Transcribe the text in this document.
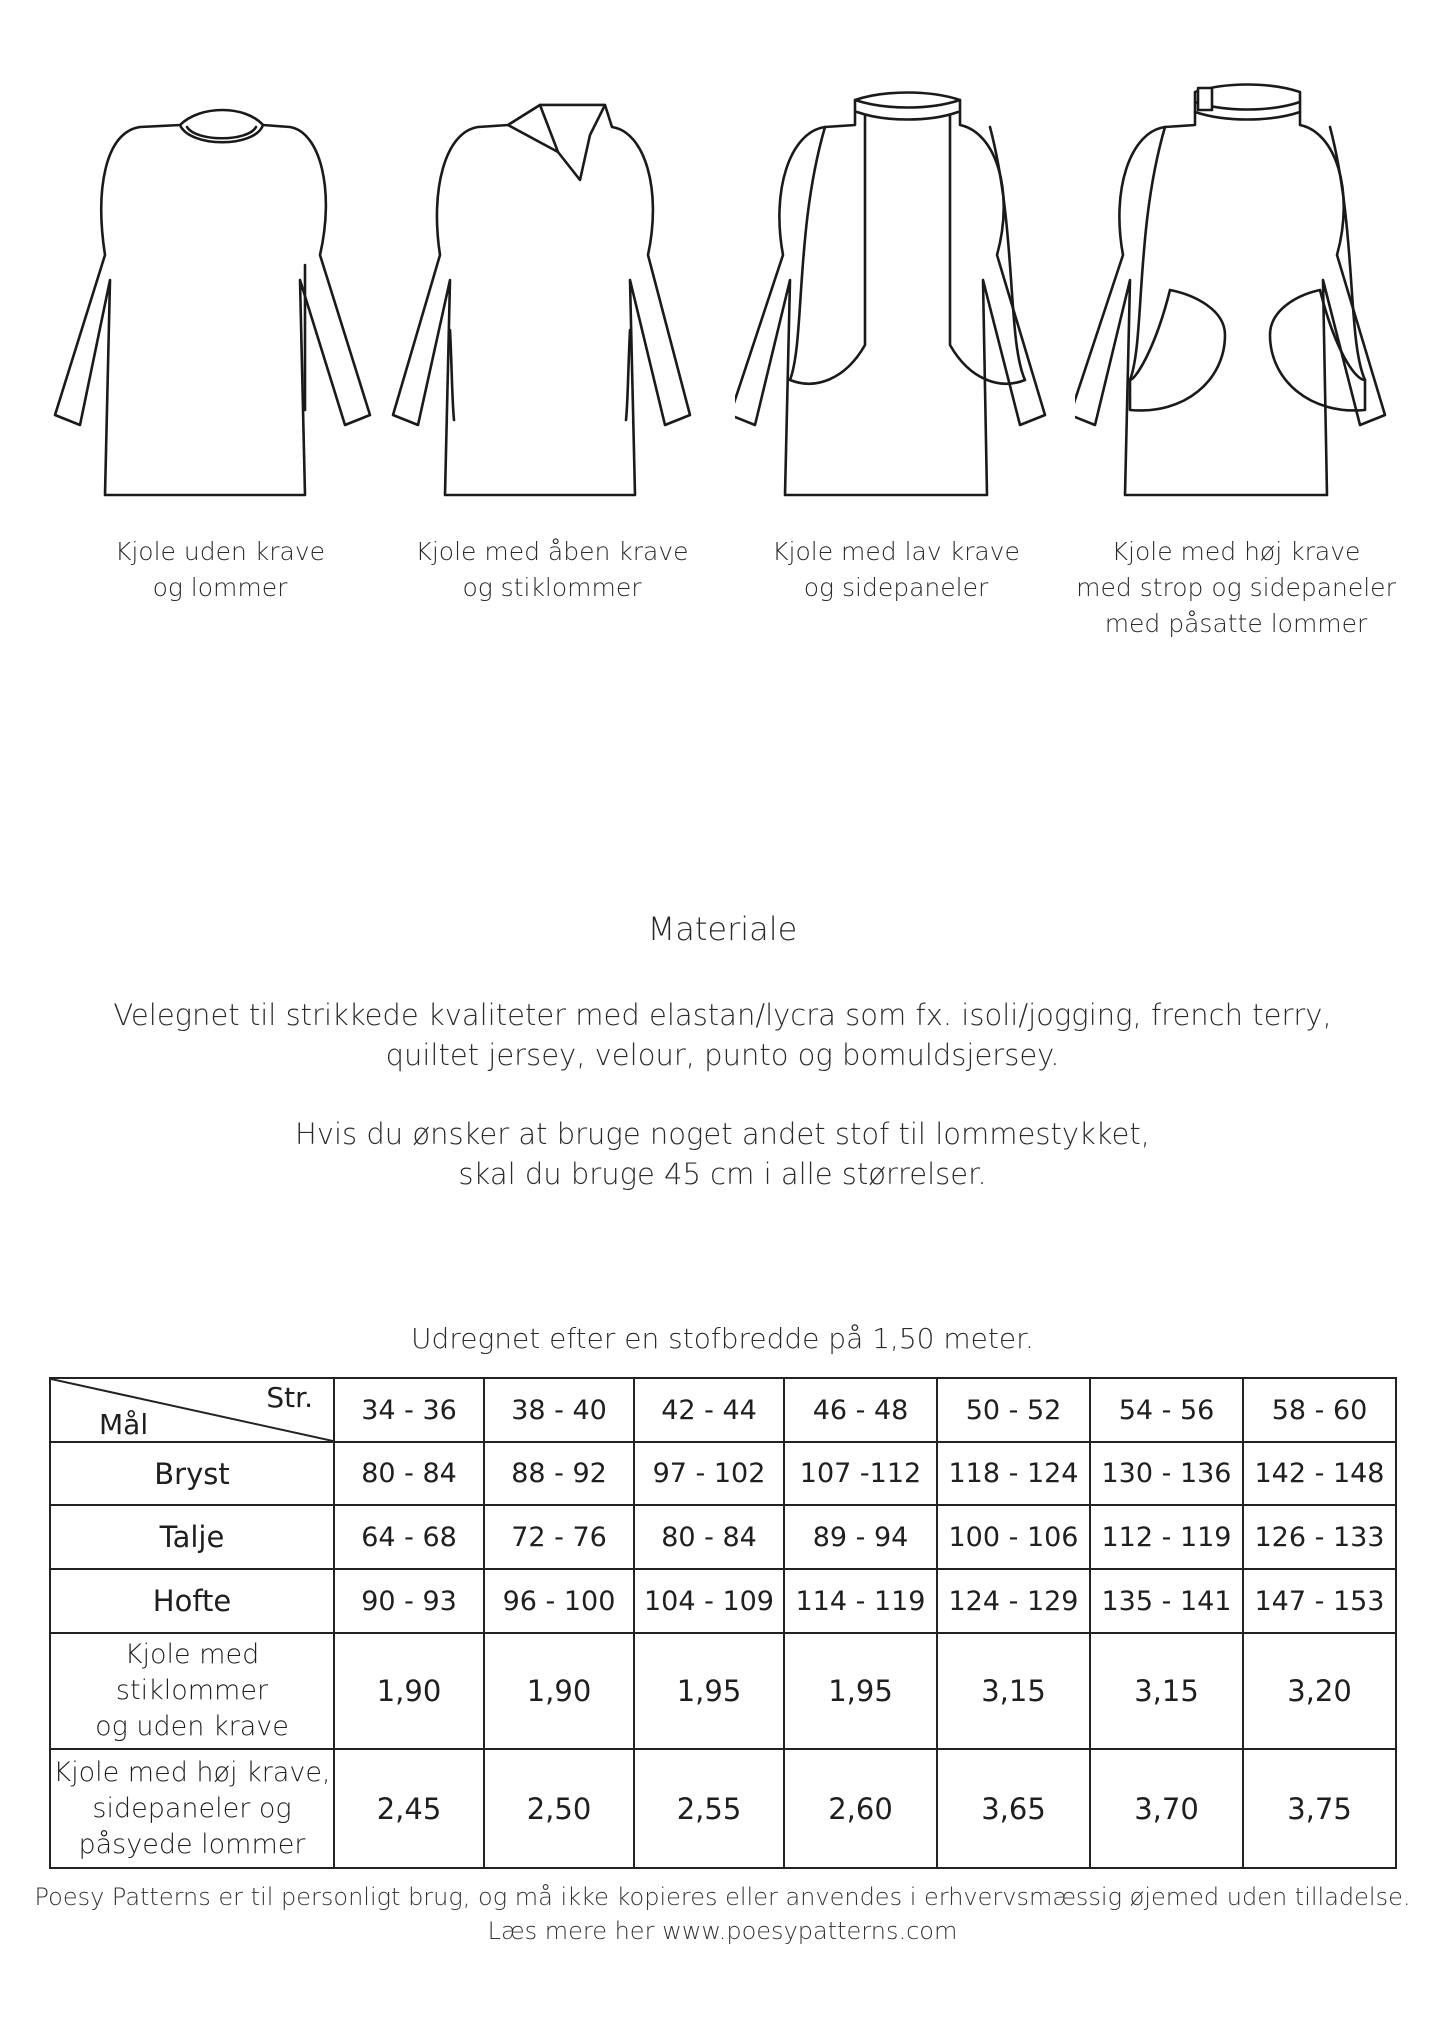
Kjole uden krave
og lommer
Kjole med åben krave
og stiklommer
Kjole med lav krave
og sidepaneler
Kjole med høj krave
med strop og sidepaneler
med påsatte lommer
Materiale
Velegnet til strikkede kvaliteter med elastan/lycra som fx. isoli/jogging, french terry,
quiltet jersey, velour, punto og bomuldsjersey.
Hvis du ønsker at bruge noget andet stof til lommestykket,
skal du bruge 45 cm i alle størrelser.
Udregnet efter en stofbredde på 1,50 meter.
Str.
Mål	34 - 36	38 - 40	42 - 44	46 - 48	50 - 52	54 - 56	58 - 60
Bryst	80 - 84	88 - 92	97 - 102	107 -112	118 - 124	130 - 136	142 - 148
Talje	64 - 68	72 - 76	80 - 84	89 - 94	100 - 106	112 - 119	126 - 133
Hofte	90 - 93	96 - 100	104 - 109	114 - 119	124 - 129	135 - 141	147 - 153
Kjole med
stiklommer
og uden krave	1,90	1,90	1,95	1,95	3,15	3,15	3,20
Kjole med høj krave,
sidepaneler og
påsyede lommer	2,45	2,50	2,55	2,60	3,65	3,70	3,75
Poesy Patterns er til personligt brug, og må ikke kopieres eller anvendes i erhvervsmæssig øjemed uden tilladelse.
Læs mere her www.poesypatterns.com
